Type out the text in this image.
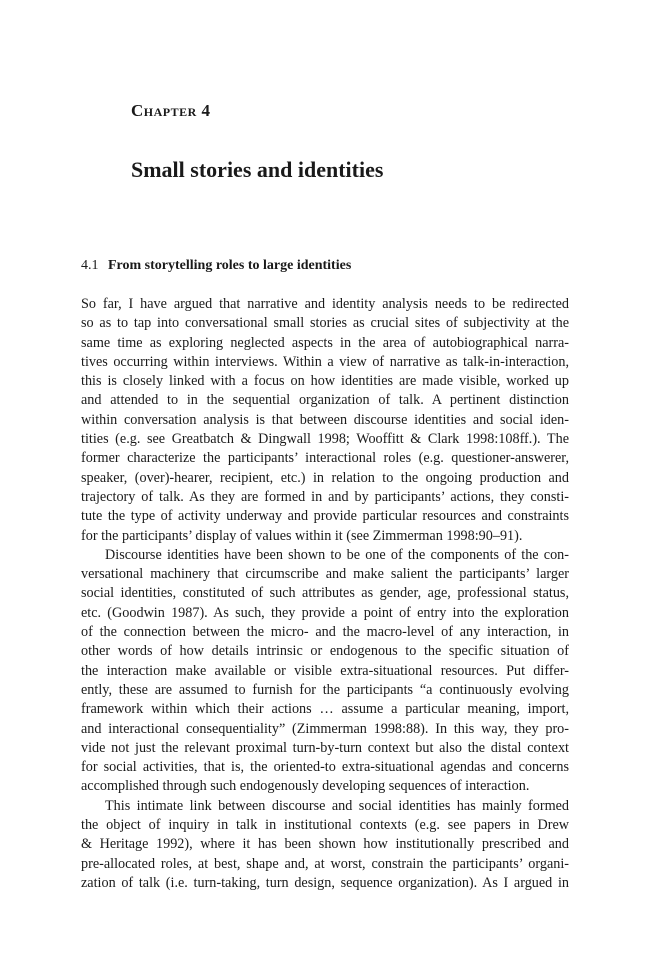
Chapter 4
Small stories and identities
4.1 From storytelling roles to large identities
So far, I have argued that narrative and identity analysis needs to be redirected
so as to tap into conversational small stories as crucial sites of subjectivity at the
same time as exploring neglected aspects in the area of autobiographical narra-
tives occurring within interviews. Within a view of narrative as talk-in-interaction,
this is closely linked with a focus on how identities are made visible, worked up
and attended to in the sequential organization of talk. A pertinent distinction
within conversation analysis is that between discourse identities and social iden-
tities (e.g. see Greatbatch & Dingwall 1998; Wooffitt & Clark 1998:108ff.). The
former characterize the participants’ interactional roles (e.g. questioner-answerer,
speaker, (over)-hearer, recipient, etc.) in relation to the ongoing production and
trajectory of talk. As they are formed in and by participants’ actions, they consti-
tute the type of activity underway and provide particular resources and constraints
for the participants’ display of values within it (see Zimmerman 1998:90–91).
Discourse identities have been shown to be one of the components of the con-
versational machinery that circumscribe and make salient the participants’ larger
social identities, constituted of such attributes as gender, age, professional status,
etc. (Goodwin 1987). As such, they provide a point of entry into the exploration
of the connection between the micro- and the macro-level of any interaction, in
other words of how details intrinsic or endogenous to the specific situation of
the interaction make available or visible extra-situational resources. Put differ-
ently, these are assumed to furnish for the participants “a continuously evolving
framework within which their actions … assume a particular meaning, import,
and interactional consequentiality” (Zimmerman 1998:88). In this way, they pro-
vide not just the relevant proximal turn-by-turn context but also the distal context
for social activities, that is, the oriented-to extra-situational agendas and concerns
accomplished through such endogenously developing sequences of interaction.
This intimate link between discourse and social identities has mainly formed
the object of inquiry in talk in institutional contexts (e.g. see papers in Drew
& Heritage 1992), where it has been shown how institutionally prescribed and
pre-allocated roles, at best, shape and, at worst, constrain the participants’ organi-
zation of talk (i.e. turn-taking, turn design, sequence organization). As I argued in
